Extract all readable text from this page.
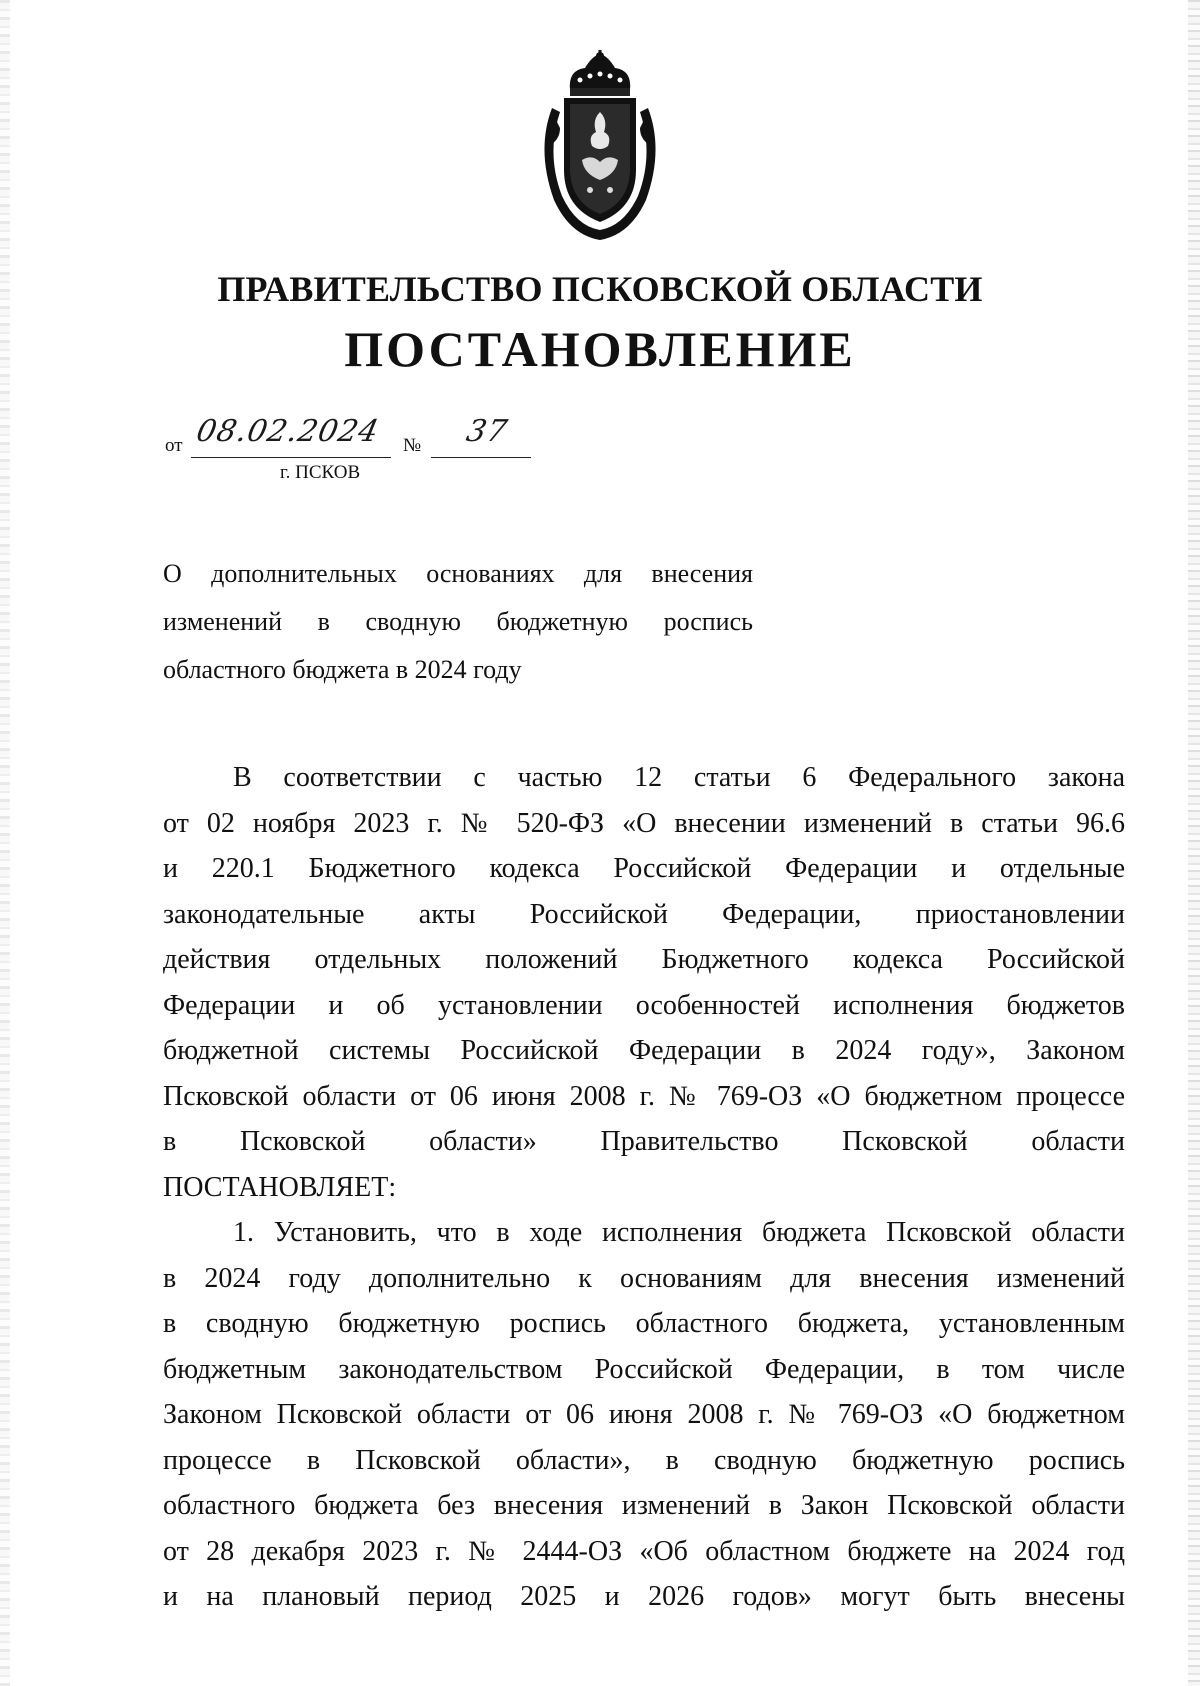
ПРАВИТЕЛЬСТВО ПСКОВСКОЙ ОБЛАСТИ
ПОСТАНОВЛЕНИЕ
от 08.02.2024 № 37
г. ПСКОВ

О дополнительных основаниях для внесения
изменений в сводную бюджетную роспись
областного бюджета в 2024 году

В соответствии с частью 12 статьи 6 Федерального закона
от 02 ноября 2023 г. № 520-ФЗ «О внесении изменений в статьи 96.6
и 220.1 Бюджетного кодекса Российской Федерации и отдельные
законодательные акты Российской Федерации, приостановлении
действия отдельных положений Бюджетного кодекса Российской
Федерации и об установлении особенностей исполнения бюджетов
бюджетной системы Российской Федерации в 2024 году», Законом
Псковской области от 06 июня 2008 г. № 769-ОЗ «О бюджетном процессе
в Псковской области» Правительство Псковской области
ПОСТАНОВЛЯЕТ:
1. Установить, что в ходе исполнения бюджета Псковской области
в 2024 году дополнительно к основаниям для внесения изменений
в сводную бюджетную роспись областного бюджета, установленным
бюджетным законодательством Российской Федерации, в том числе
Законом Псковской области от 06 июня 2008 г. № 769-ОЗ «О бюджетном
процессе в Псковской области», в сводную бюджетную роспись
областного бюджета без внесения изменений в Закон Псковской области
от 28 декабря 2023 г. № 2444-ОЗ «Об областном бюджете на 2024 год
и на плановый период 2025 и 2026 годов» могут быть внесены
